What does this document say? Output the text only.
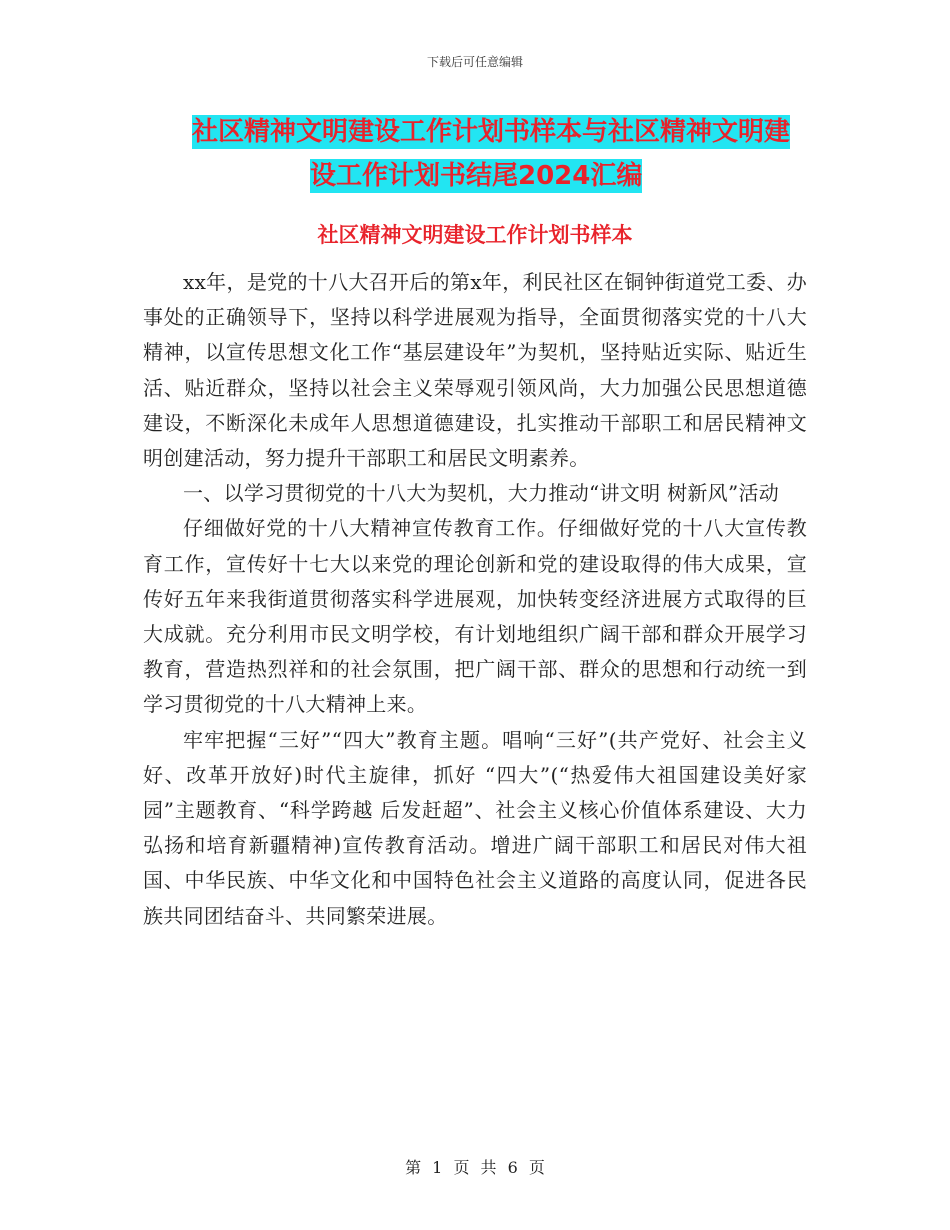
下载后可任意编辑
社区精神文明建设工作计划书样本与社区精神文明建
设工作计划书结尾2024汇编
社区精神文明建设工作计划书样本

xx年，是党的十八大召开后的第x年，利民社区在铜钟街道党工委、办事处的正确领导下，坚持以科学进展观为指导，全面贯彻落实党的十八大精神，以宣传思想文化工作“基层建设年”为契机，坚持贴近实际、贴近生活、贴近群众，坚持以社会主义荣辱观引领风尚，大力加强公民思想道德建设，不断深化未成年人思想道德建设，扎实推动干部职工和居民精神文明创建活动，努力提升干部职工和居民文明素养。

一、以学习贯彻党的十八大为契机，大力推动“讲文明 树新风”活动

仔细做好党的十八大精神宣传教育工作。仔细做好党的十八大宣传教育工作，宣传好十七大以来党的理论创新和党的建设取得的伟大成果，宣传好五年来我街道贯彻落实科学进展观，加快转变经济进展方式取得的巨大成就。充分利用市民文明学校，有计划地组织广阔干部和群众开展学习教育，营造热烈祥和的社会氛围，把广阔干部、群众的思想和行动统一到学习贯彻党的十八大精神上来。

牢牢把握“三好”“四大”教育主题。唱响“三好”(共产党好、社会主义好、改革开放好)时代主旋律，抓好 “四大”(“热爱伟大祖国建设美好家园”主题教育、“科学跨越 后发赶超”、社会主义核心价值体系建设、大力弘扬和培育新疆精神)宣传教育活动。增进广阔干部职工和居民对伟大祖国、中华民族、中华文化和中国特色社会主义道路的高度认同，促进各民族共同团结奋斗、共同繁荣进展。

第 1 页 共 6 页
